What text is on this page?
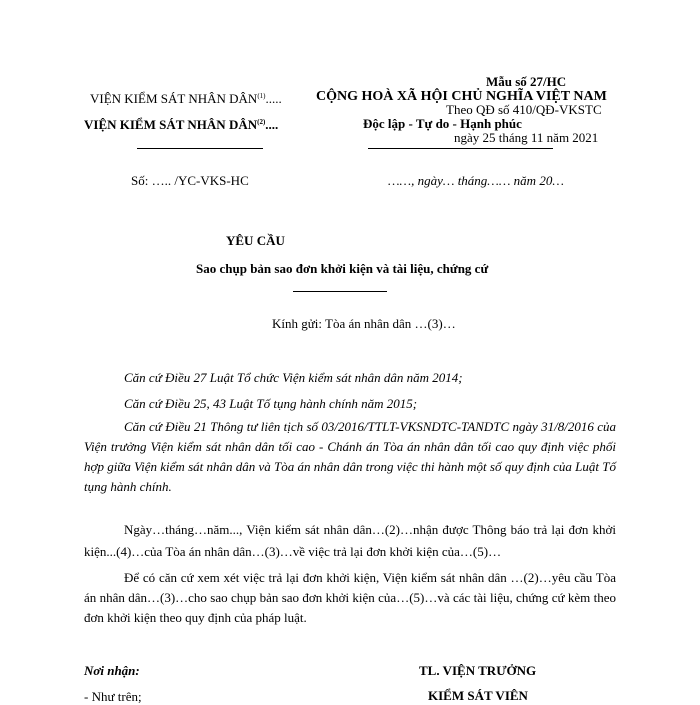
Mẫu số 27/HC
Theo QĐ số 410/QĐ-VKSTC
ngày 25 tháng 11 năm 2021
VIỆN KIỂM SÁT NHÂN DÂN$^{(1)}$.....
VIỆN KIỂM SÁT NHÂN DÂN$^{(2)}$....
CỘNG HOÀ XÃ HỘI CHỦ NGHĨA VIỆT NAM
Độc lập - Tự do - Hạnh phúc
Số: ….. /YC-VKS-HC	……, ngày… tháng…… năm 20…
YÊU CẦU
Sao chụp bản sao đơn khởi kiện và tài liệu, chứng cứ
Kính gửi: Tòa án nhân dân …(3)…
Căn cứ Điều 27 Luật Tổ chức Viện kiểm sát nhân dân năm 2014;
Căn cứ Điều 25, 43 Luật Tố tụng hành chính năm 2015;
Căn cứ Điều 21 Thông tư liên tịch số 03/2016/TTLT-VKSNDTC-TANDTC ngày 31/8/2016 của Viện trưởng Viện kiểm sát nhân dân tối cao - Chánh án Tòa án nhân dân tối cao quy định việc phối hợp giữa Viện kiểm sát nhân dân và Tòa án nhân dân trong việc thi hành một số quy định của Luật Tố tụng hành chính.
Ngày…tháng…năm..., Viện kiểm sát nhân dân…(2)…nhận được Thông báo trả lại đơn khởi kiện...(4)…của Tòa án nhân dân…(3)…về việc trả lại đơn khởi kiện của…(5)…
Để có căn cứ xem xét việc trả lại đơn khởi kiện, Viện kiểm sát nhân dân …(2)…yêu cầu Tòa án nhân dân…(3)…cho sao chụp bản sao đơn khởi kiện của…(5)…và các tài liệu, chứng cứ kèm theo đơn khởi kiện theo quy định của pháp luật.
Nơi nhận:
- Như trên;
TL. VIỆN TRƯỞNG
KIỂM SÁT VIÊN
